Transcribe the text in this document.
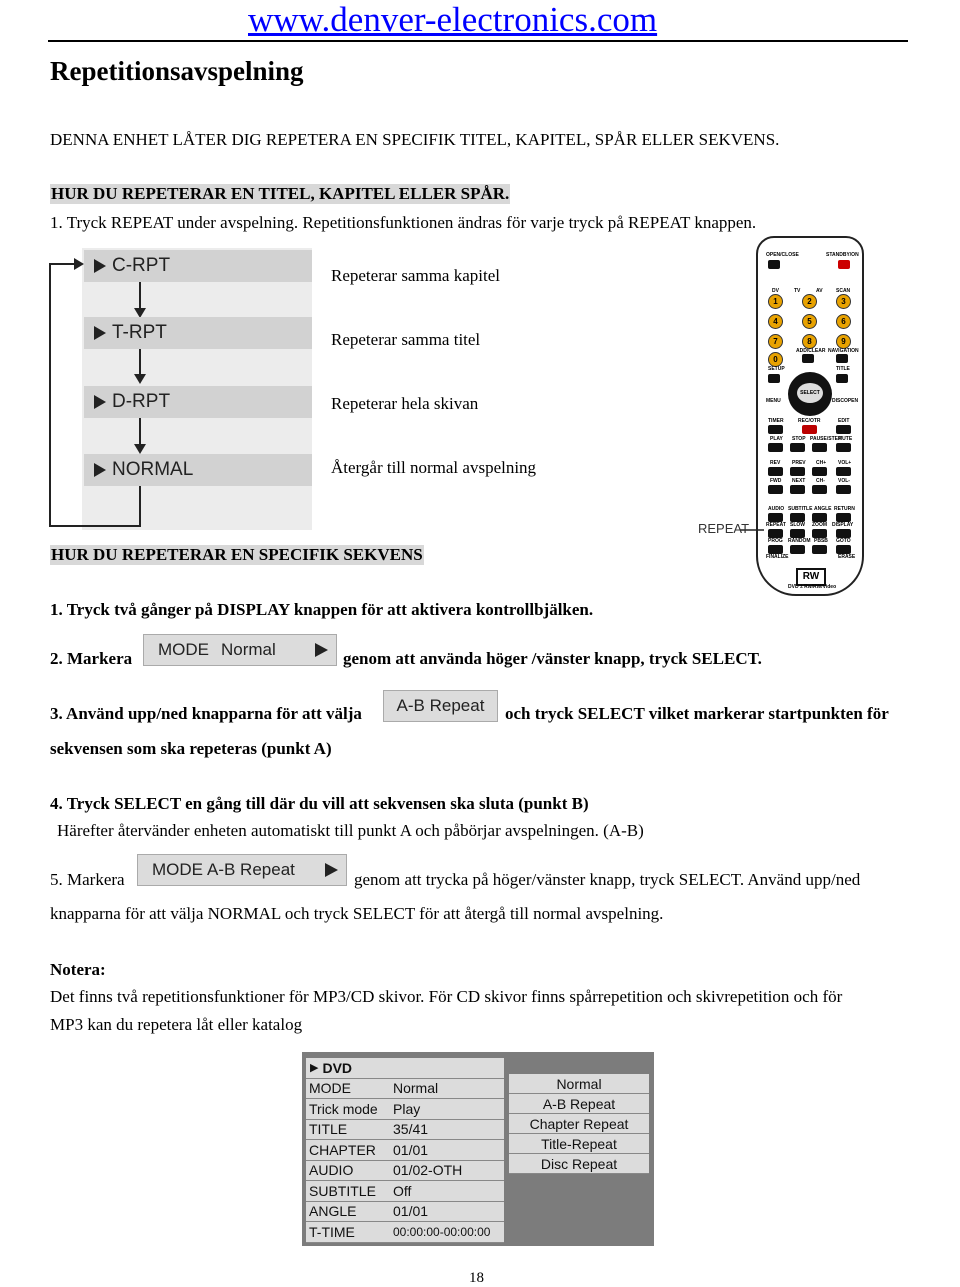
www.denver-electronics.com
Repetitionsavspelning
DENNA ENHET LÅTER DIG REPETERA EN SPECIFIK TITEL, KAPITEL, SPÅR ELLER SEKVENS.
HUR DU REPETERAR EN TITEL, KAPITEL ELLER SPÅR.
1. Tryck REPEAT under avspelning. Repetitionsfunktionen ändras för varje tryck på REPEAT knappen.
C-RPT
T-RPT
D-RPT
NORMAL
Repeterar samma kapitel
Repeterar samma titel
Repeterar hela skivan
Återgår till normal avspelning
OPEN/CLOSE	STANDBY/ON
DV	TV	AV	SCAN
1	2	3
4	5	6
7	8	9
ADD/CLEAR NAVIGATION
0
SETUP	TITLE
SELECT
MENU	DISCOPEN
TIMER	REC/OTR	EDIT
PLAY STOP PAUSE/STEP
MUTE
REV PREV CH+ VOL+
FWD NEXT CH-	VOL-
AUDIO SUBTITLE ANGLE RETURN
REPEAT SLOW ZOOM DISPLAY
PROG RANDOM PBSB GOTO
FINALIZE	ERASE
RW
DVD ± Rw/RW/Video
REPEAT
HUR DU REPETERAR EN SPECIFIK SEKVENS
1. Tryck två gånger på DISPLAY knappen för att aktivera kontrollbjälken.
2. Markera MODE Normal	genom att använda höger /vänster knapp, tryck SELECT.
3. Använd upp/ned knapparna för att välja A-B Repeat och tryck SELECT vilket markerar startpunkten för
sekvensen som ska repeteras (punkt A)
4. Tryck SELECT en gång till där du vill att sekvensen ska sluta (punkt B)
Härefter återvänder enheten automatiskt till punkt A och påbörjar avspelningen. (A-B)
5. Markera
MODE A-B Repeat
genom att trycka på höger/vänster knapp, tryck SELECT. Använd upp/ned
knapparna för att välja NORMAL och tryck SELECT för att återgå till normal avspelning.
Notera:
Det finns två repetitionsfunktioner för MP3/CD skivor. För CD skivor finns spårrepetition och skivrepetition och för
MP3 kan du repetera låt eller katalog
▶ DVD
MODE	Normal
Trick mode	Play
TITLE	35/41
CHAPTER	01/01
AUDIO	01/02-OTH
SUBTITLE	Off
ANGLE	01/01
T-TIME	00:00:00-00:00:00
Normal
A-B Repeat
Chapter Repeat
Title-Repeat
Disc Repeat
18
